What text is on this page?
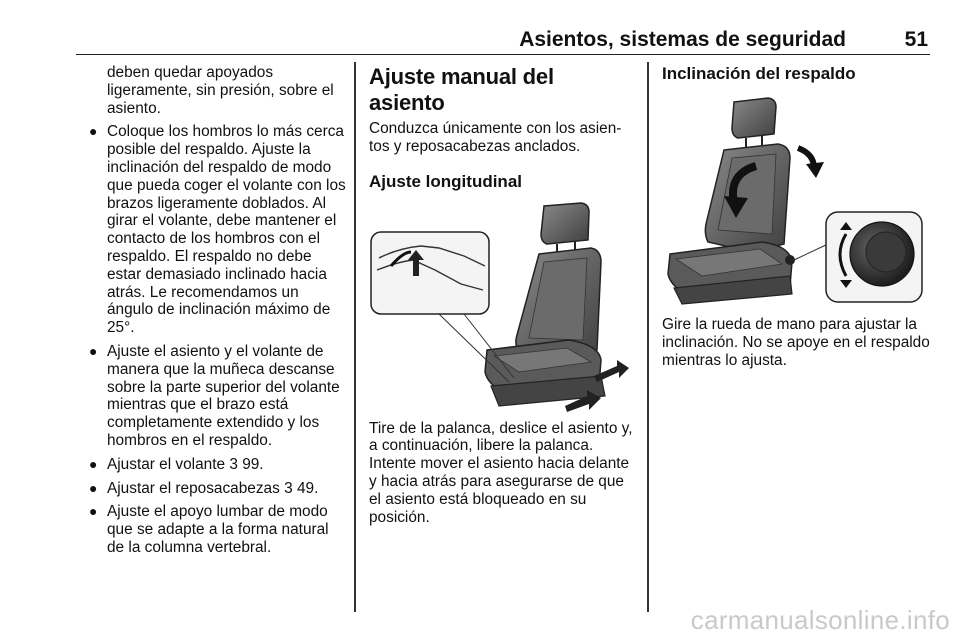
Asientos, sistemas de seguridad	51

deben quedar apoyados ligeramente, sin presión, sobre el asiento.

● Coloque los hombros lo más cerca posible del respaldo. Ajuste la inclinación del respaldo de modo que pueda coger el volante con los brazos ligeramente doblados. Al girar el volante, debe mantener el contacto de los hombros con el respaldo. El respaldo no debe estar demasiado inclinado hacia atrás. Le recomendamos un ángulo de inclinación máximo de 25°.
● Ajuste el asiento y el volante de manera que la muñeca descanse sobre la parte superior del volante mientras que el brazo está completamente extendido y los hombros en el respaldo.
● Ajustar el volante 3 99.
● Ajustar el reposacabezas 3 49.
● Ajuste el apoyo lumbar de modo que se adapte a la forma natural de la columna vertebral.
Ajuste manual del asiento

Conduzca únicamente con los asientos y reposacabezas anclados.

Ajuste longitudinal

Tire de la palanca, deslice el asiento y, a continuación, libere la palanca. Intente mover el asiento hacia delante y hacia atrás para asegurarse de que el asiento está bloqueado en su posición.

Inclinación del respaldo

Gire la rueda de mano para ajustar la inclinación. No se apoye en el respaldo mientras lo ajusta.

carmanualsonline.info
